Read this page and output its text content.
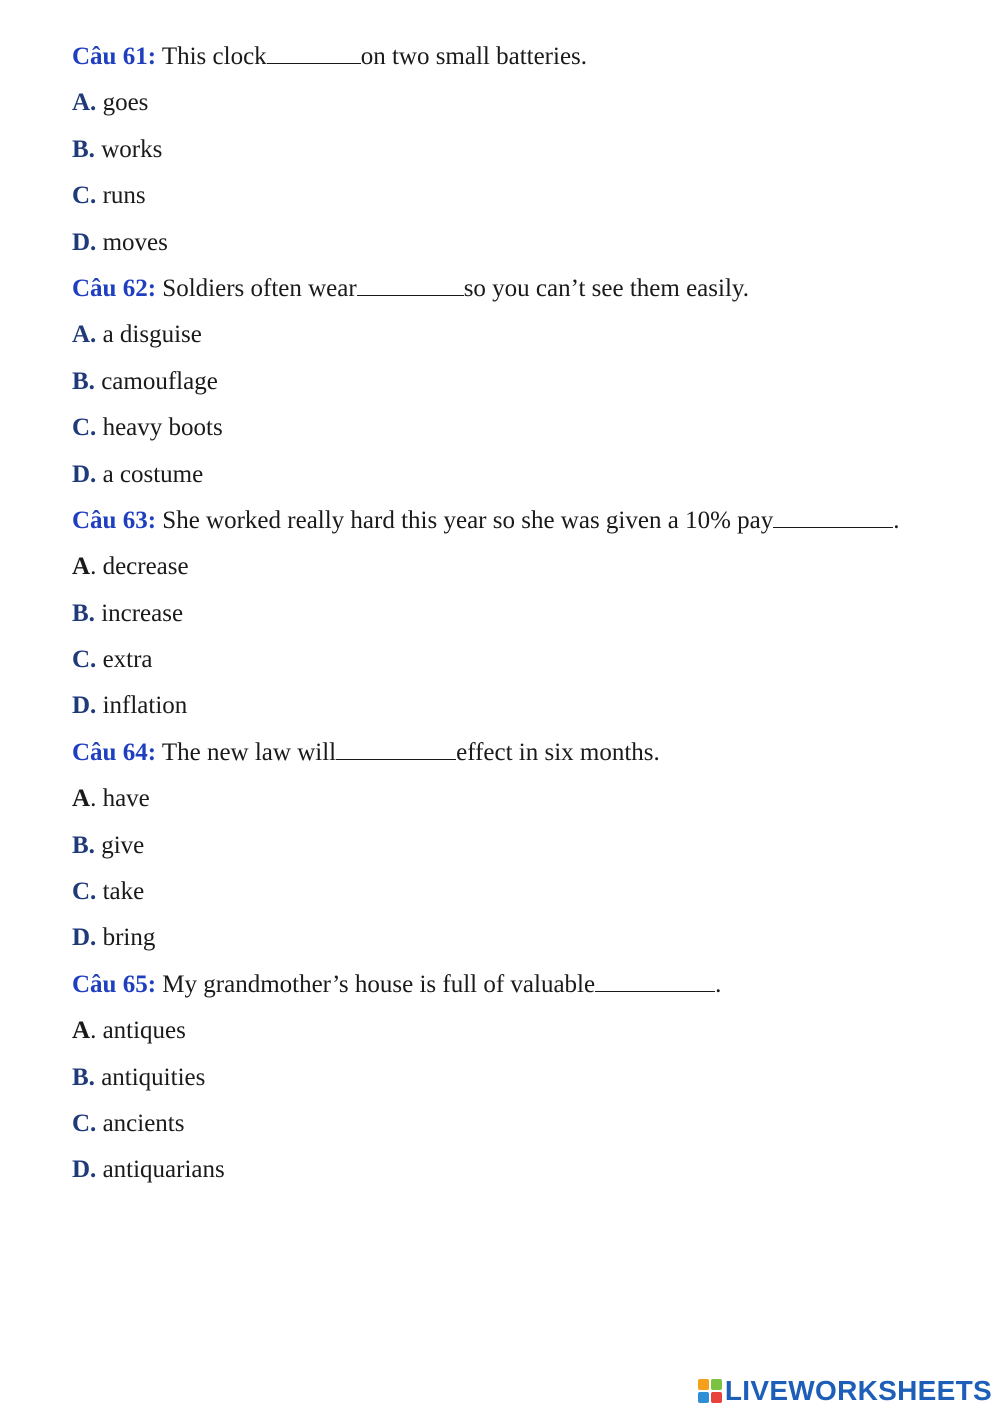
Câu 61: This clock	on two small batteries.
A. goes
B. works
C. runs
D. moves
Câu 62: Soldiers often wear	so you can’t see them easily.
A. a disguise
B. camouflage
C. heavy boots
D. a costume
Câu 63: She worked really hard this year so she was given a 10% pay	.
A. decrease
B. increase
C. extra
D. inflation
Câu 64: The new law will	effect in six months.
A. have
B. give
C. take
D. bring
Câu 65: My grandmother’s house is full of valuable	.
A. antiques
B. antiquities
C. ancients
D. antiquarians
LIVEWORKSHEETS
